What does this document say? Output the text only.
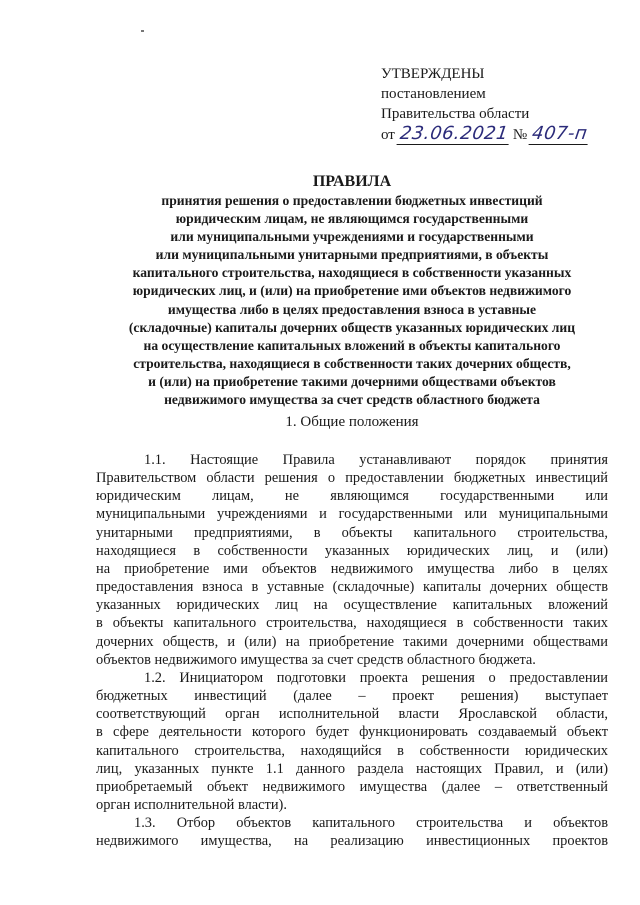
УТВЕРЖДЕНЫ
постановлением
Правительства области
от 23.06.2021 № 407-п
ПРАВИЛА
принятия решения о предоставлении бюджетных инвестиций
юридическим лицам, не являющимся государственными
или муниципальными учреждениями и государственными
или муниципальными унитарными предприятиями, в объекты
капитального строительства, находящиеся в собственности указанных
юридических лиц, и (или) на приобретение ими объектов недвижимого
имущества либо в целях предоставления взноса в уставные
(складочные) капиталы дочерних обществ указанных юридических лиц
на осуществление капитальных вложений в объекты капитального
строительства, находящиеся в собственности таких дочерних обществ,
и (или) на приобретение такими дочерними обществами объектов
недвижимого имущества за счет средств областного бюджета
1. Общие положения
1.1. Настоящие Правила устанавливают порядок принятия
Правительством области решения о предоставлении бюджетных инвестиций
юридическим лицам, не являющимся государственными или
муниципальными учреждениями и государственными или муниципальными
унитарными предприятиями, в объекты капитального строительства,
находящиеся в собственности указанных юридических лиц, и (или)
на приобретение ими объектов недвижимого имущества либо в целях
предоставления взноса в уставные (складочные) капиталы дочерних обществ
указанных юридических лиц на осуществление капитальных вложений
в объекты капитального строительства, находящиеся в собственности таких
дочерних обществ, и (или) на приобретение такими дочерними обществами
объектов недвижимого имущества за счет средств областного бюджета.
1.2. Инициатором подготовки проекта решения о предоставлении
бюджетных инвестиций (далее – проект решения) выступает
соответствующий орган исполнительной власти Ярославской области,
в сфере деятельности которого будет функционировать создаваемый объект
капитального строительства, находящийся в собственности юридических
лиц, указанных пункте 1.1 данного раздела настоящих Правил, и (или)
приобретаемый объект недвижимого имущества (далее – ответственный
орган исполнительной власти).
1.3. Отбор объектов капитального строительства и объектов
недвижимого имущества, на реализацию инвестиционных проектов
